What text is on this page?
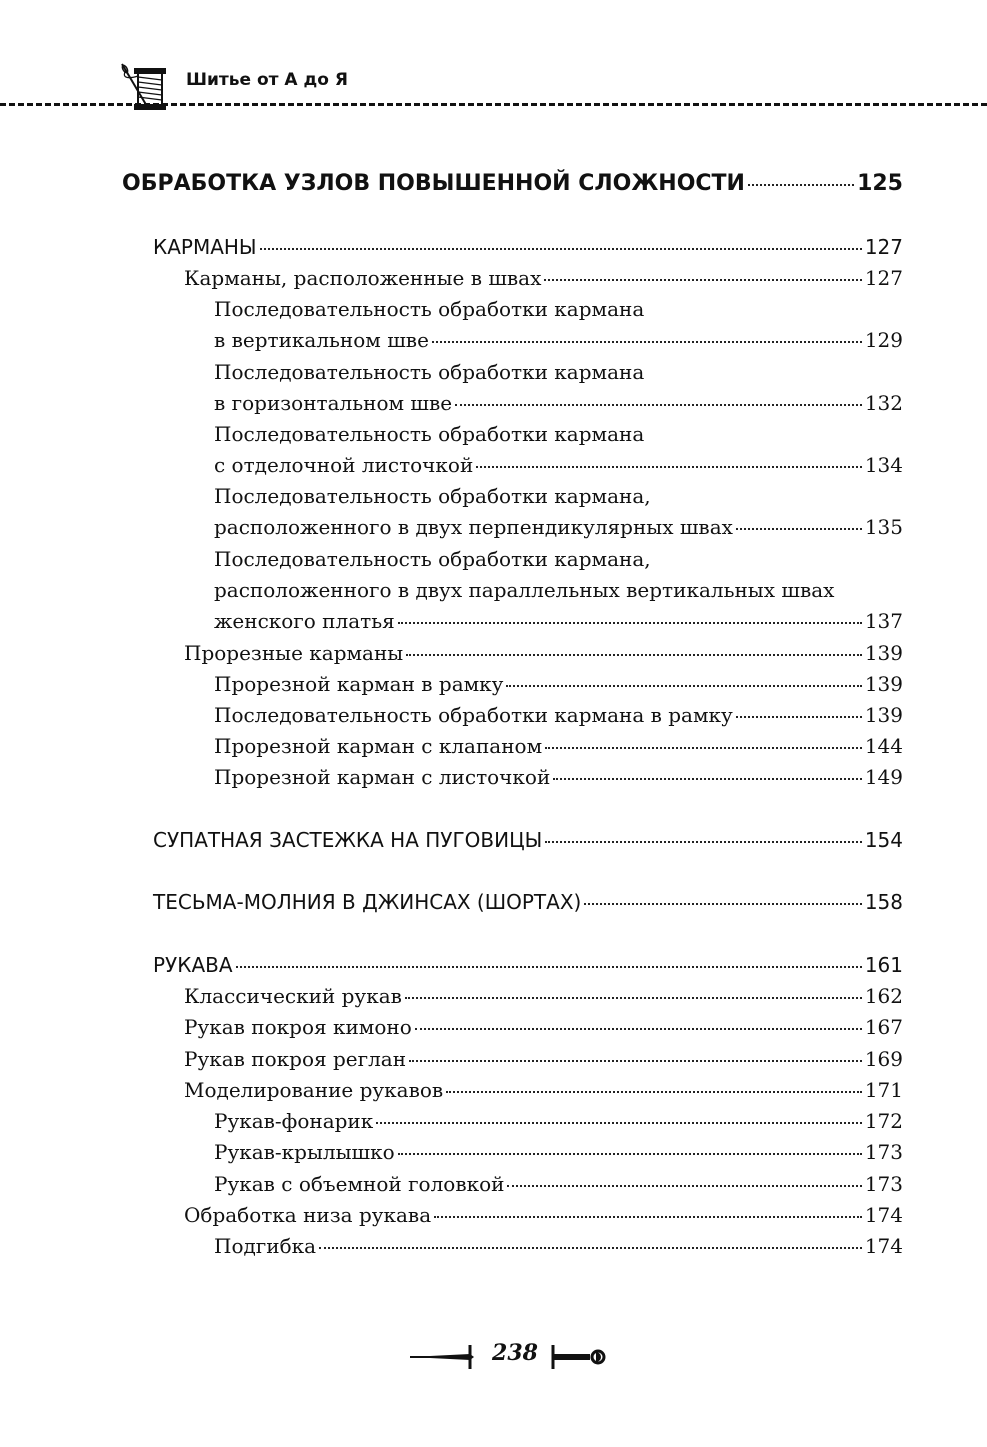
Шитье от А до Я
ОБРАБОТКА УЗЛОВ ПОВЫШЕННОЙ СЛОЖНОСТИ	125
КАРМАНЫ	127
Карманы, расположенные в швах	127
Последовательность обработки кармана
в вертикальном шве	129
Последовательность обработки кармана
в горизонтальном шве	132
Последовательность обработки кармана
с отделочной листочкой	134
Последовательность обработки кармана,
расположенного в двух перпендикулярных швах	135
Последовательность обработки кармана,
расположенного в двух параллельных вертикальных швах
женского платья	137
Прорезные карманы	139
Прорезной карман в рамку	139
Последовательность обработки кармана в рамку	139
Прорезной карман с клапаном	144
Прорезной карман с листочкой	149
СУПАТНАЯ ЗАСТЕЖКА НА ПУГОВИЦЫ	154
ТЕСЬМА-МОЛНИЯ В ДЖИНСАХ (ШОРТАХ)	158
РУКАВА	161
Классический рукав	162
Рукав покроя кимоно	167
Рукав покроя реглан	169
Моделирование рукавов	171
Рукав-фонарик	172
Рукав-крылышко	173
Рукав с объемной головкой	173
Обработка низа рукава	174
Подгибка	174
238
